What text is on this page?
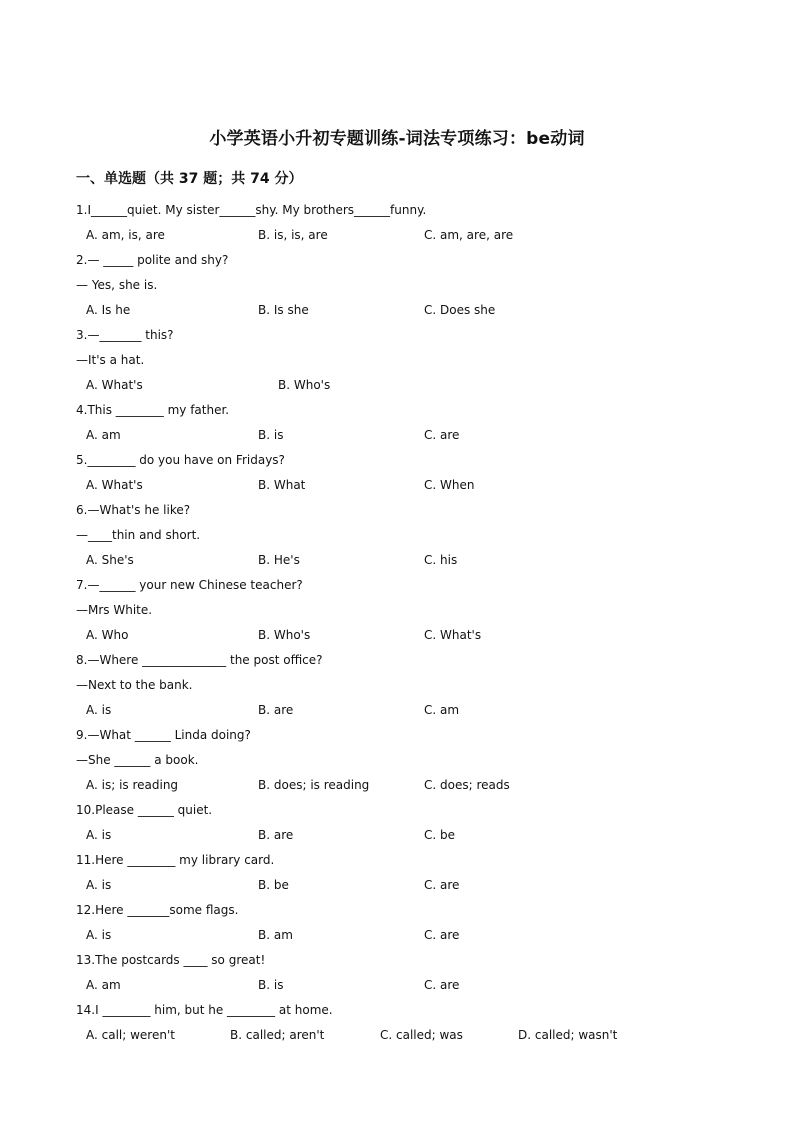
小学英语小升初专题训练-词法专项练习：be动词
一、单选题（共 37 题；共 74 分）
1.I______quiet. My sister______shy. My brothers______funny.
A. am, is, are	B. is, is, are	C. am, are, are
2.— _____ polite and shy?
— Yes, she is.
A. Is he	B. Is she	C. Does she
3.—_______ this?
—It's a hat.
A. What's	B. Who's
4.This ________ my father.
A. am	B. is	C. are
5.________ do you have on Fridays?
A. What's	B. What	C. When
6.—What's he like?
—____thin and short.
A. She's	B. He's	C. his
7.—______ your new Chinese teacher?
—Mrs White.
A. Who	B. Who's	C. What's
8.—Where ______________ the post office?
—Next to the bank.
A. is	B. are	C. am
9.—What ______ Linda doing?
—She ______ a book.
A. is; is reading	B. does; is reading	C. does; reads
10.Please ______ quiet.
A. is	B. are	C. be
11.Here ________ my library card.
A. is	B. be	C. are
12.Here _______some flags.
A. is	B. am	C. are
13.The postcards ____ so great!
A. am	B. is	C. are
14.I ________ him, but he ________ at home.
A. call; weren't	B. called; aren't	C. called; was	D. called; wasn't
